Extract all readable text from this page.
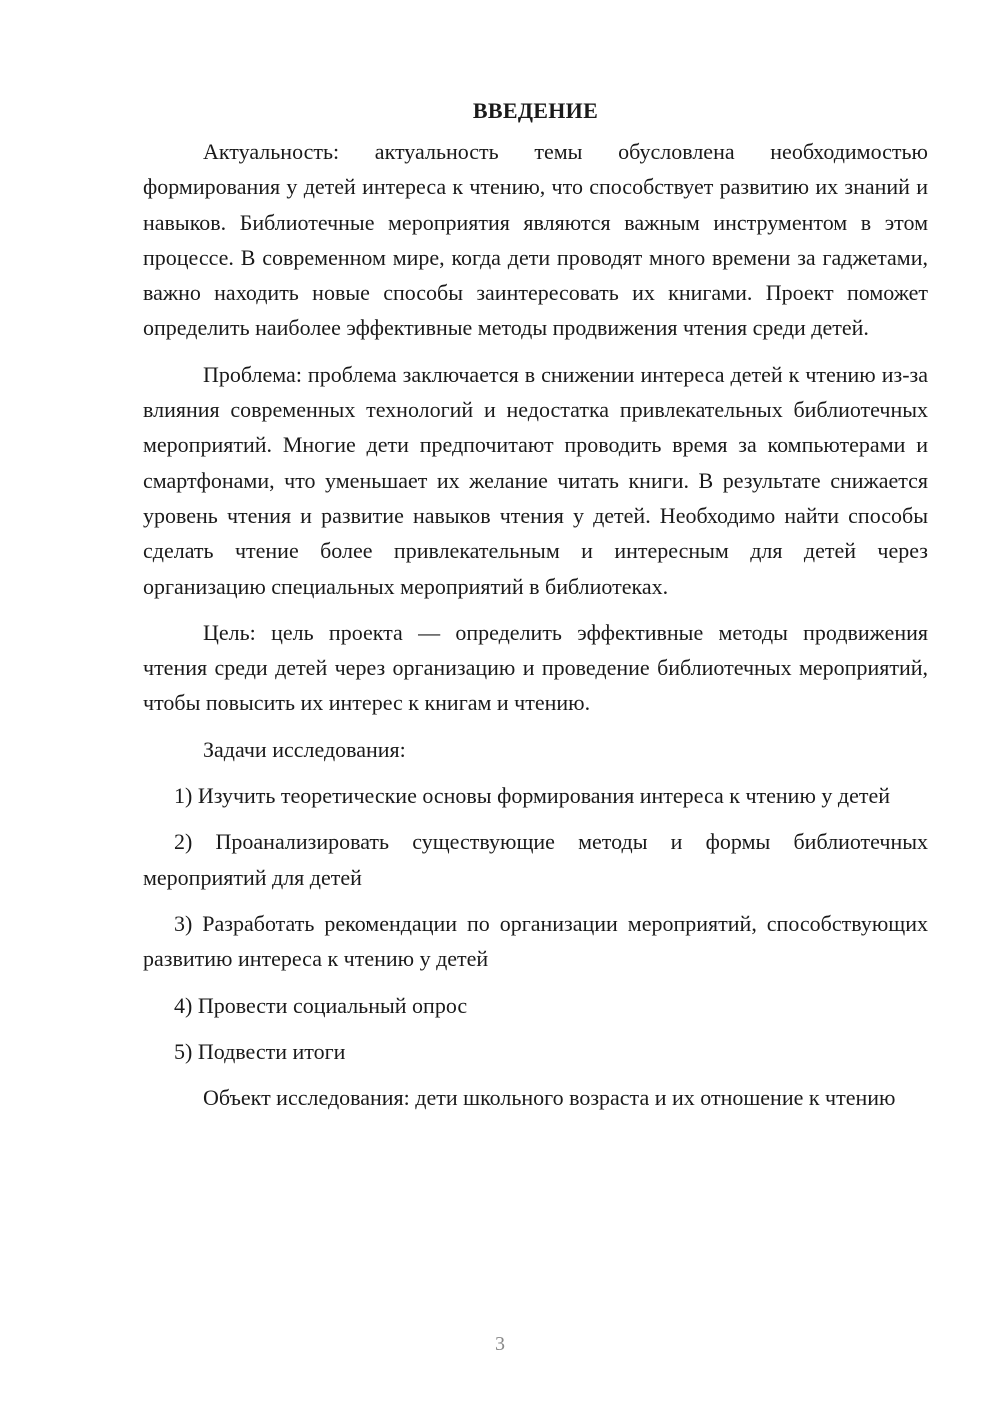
ВВЕДЕНИЕ

Актуальность: актуальность темы обусловлена необходимостью формирования у детей интереса к чтению, что способствует развитию их знаний и навыков. Библиотечные мероприятия являются важным инструментом в этом процессе. В современном мире, когда дети проводят много времени за гаджетами, важно находить новые способы заинтересовать их книгами. Проект поможет определить наиболее эффективные методы продвижения чтения среди детей.

Проблема: проблема заключается в снижении интереса детей к чтению из-за влияния современных технологий и недостатка привлекательных библиотечных мероприятий. Многие дети предпочитают проводить время за компьютерами и смартфонами, что уменьшает их желание читать книги. В результате снижается уровень чтения и развитие навыков чтения у детей. Необходимо найти способы сделать чтение более привлекательным и интересным для детей через организацию специальных мероприятий в библиотеках.

Цель: цель проекта — определить эффективные методы продвижения чтения среди детей через организацию и проведение библиотечных мероприятий, чтобы повысить их интерес к книгам и чтению.

Задачи исследования:

1) Изучить теоретические основы формирования интереса к чтению у детей

2) Проанализировать существующие методы и формы библиотечных мероприятий для детей

3) Разработать рекомендации по организации мероприятий, способствующих развитию интереса к чтению у детей

4) Провести социальный опрос

5) Подвести итоги

Объект исследования: дети школьного возраста и их отношение к чтению

3
